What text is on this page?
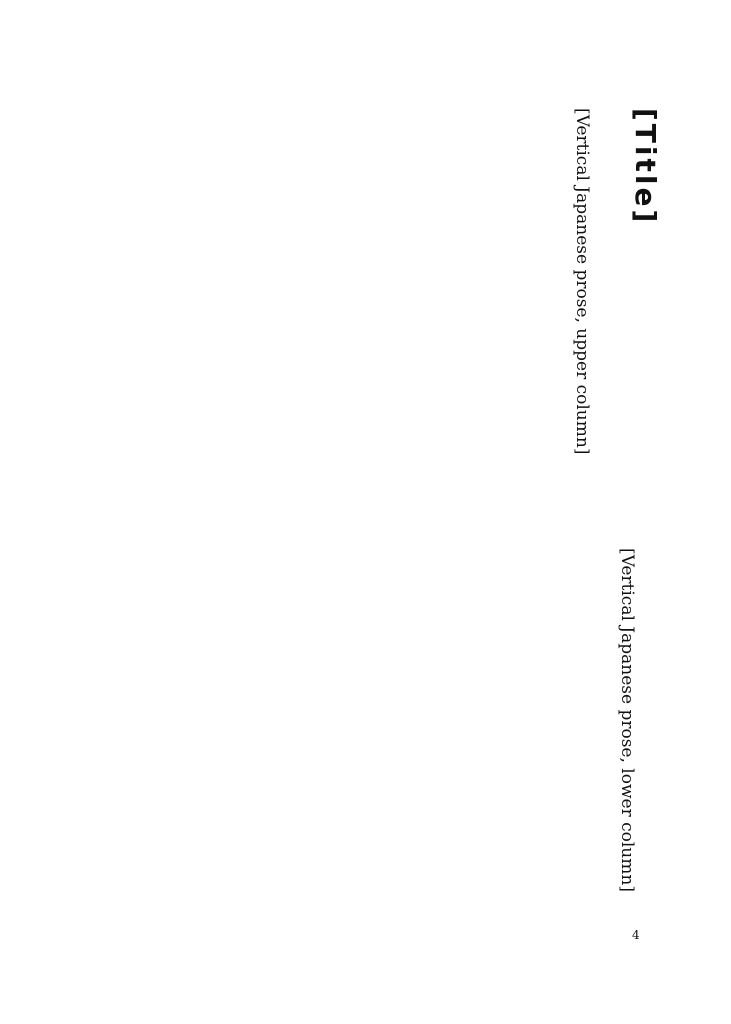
[Title]

[Vertical Japanese prose, upper column]

[Vertical Japanese prose, lower column]

4
